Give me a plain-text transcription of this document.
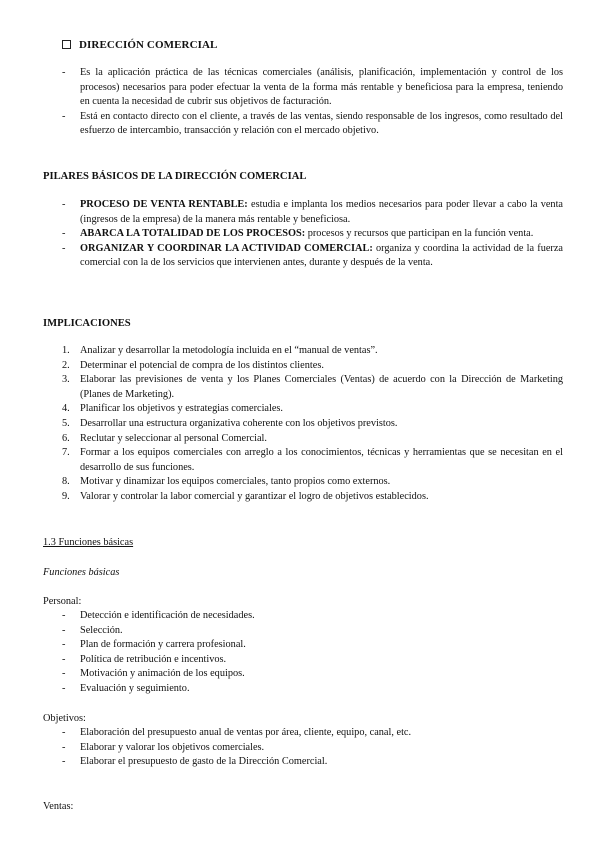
DIRECCIÓN COMERCIAL
- Es la aplicación práctica de las técnicas comerciales (análisis, planificación, implementación y control de los procesos) necesarios para poder efectuar la venta de la forma más rentable y beneficiosa para la empresa, teniendo en cuenta la necesidad de cubrir sus objetivos de facturación.
- Está en contacto directo con el cliente, a través de las ventas, siendo responsable de los ingresos, como resultado del esfuerzo de intercambio, transacción y relación con el mercado objetivo.
PILARES BÁSICOS DE LA DIRECCIÓN COMERCIAL
- PROCESO DE VENTA RENTABLE: estudia e implanta los medios necesarios para poder llevar a cabo la venta (ingresos de la empresa) de la manera más rentable y beneficiosa.
- ABARCA LA TOTALIDAD DE LOS PROCESOS: procesos y recursos que participan en la función venta.
- ORGANIZAR Y COORDINAR LA ACTIVIDAD COMERCIAL: organiza y coordina la actividad de la fuerza comercial con la de los servicios que intervienen antes, durante y después de la venta.
IMPLICACIONES
1. Analizar y desarrollar la metodología incluida en el “manual de ventas”.
2. Determinar el potencial de compra de los distintos clientes.
3. Elaborar las previsiones de venta y los Planes Comerciales (Ventas) de acuerdo con la Dirección de Marketing (Planes de Marketing).
4. Planificar los objetivos y estrategias comerciales.
5. Desarrollar una estructura organizativa coherente con los objetivos previstos.
6. Reclutar y seleccionar al personal Comercial.
7. Formar a los equipos comerciales con arreglo a los conocimientos, técnicas y herramientas que se necesitan en el desarrollo de sus funciones.
8. Motivar y dinamizar los equipos comerciales, tanto propios como externos.
9. Valorar y controlar la labor comercial y garantizar el logro de objetivos establecidos.
1.3 Funciones básicas
Funciones básicas
Personal:
- Detección e identificación de necesidades.
- Selección.
- Plan de formación y carrera profesional.
- Política de retribución e incentivos.
- Motivación y animación de los equipos.
- Evaluación y seguimiento.
Objetivos:
- Elaboración del presupuesto anual de ventas por área, cliente, equipo, canal, etc.
- Elaborar y valorar los objetivos comerciales.
- Elaborar el presupuesto de gasto de la Dirección Comercial.
Ventas:
